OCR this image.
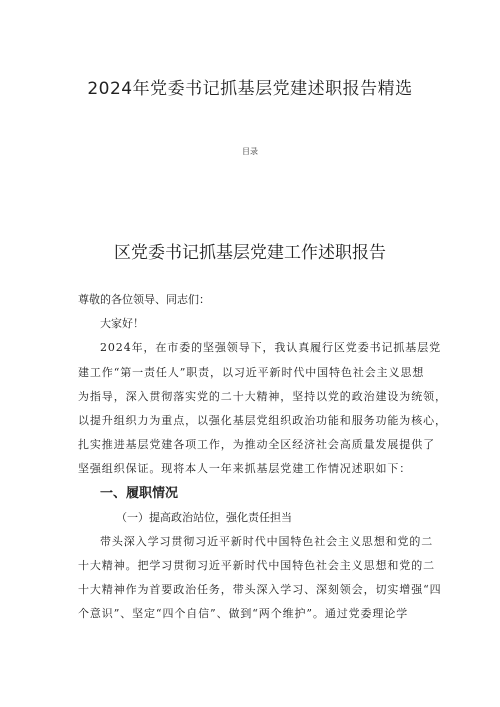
2024年党委书记抓基层党建述职报告精选
目录
区党委书记抓基层党建工作述职报告

尊敬的各位领导、同志们：

大家好！

2024年，在市委的坚强领导下，我认真履行区党委书记抓基层党

建工作“第一责任人”职责，以习近平新时代中国特色社会主义思想

为指导，深入贯彻落实党的二十大精神，坚持以党的政治建设为统领，

以提升组织力为重点，以强化基层党组织政治功能和服务功能为核心，

扎实推进基层党建各项工作，为推动全区经济社会高质量发展提供了

坚强组织保证。现将本人一年来抓基层党建工作情况述职如下：

一、履职情况

（一）提高政治站位，强化责任担当

带头深入学习贯彻习近平新时代中国特色社会主义思想和党的二

十大精神。把学习贯彻习近平新时代中国特色社会主义思想和党的二

十大精神作为首要政治任务，带头深入学习、深刻领会，切实增强“四

个意识”、坚定“四个自信”、做到“两个维护”。通过党委理论学
